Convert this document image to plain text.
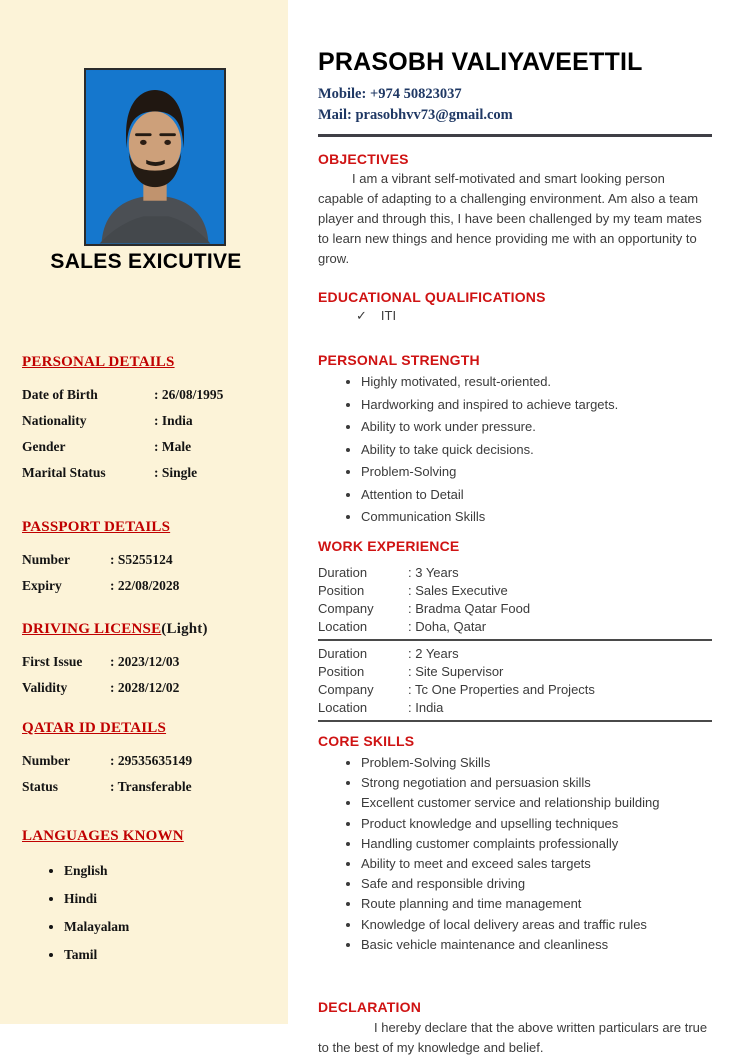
SALES EXICUTIVE
PERSONAL DETAILS
Date of Birth	: 26/08/1995
Nationality	: India
Gender	: Male
Marital Status	: Single
PASSPORT DETAILS
Number	: S5255124
Expiry	: 22/08/2028
DRIVING LICENSE(Light)
First Issue	: 2023/12/03
Validity	: 2028/12/02
QATAR ID DETAILS
Number	: 29535635149
Status	: Transferable
LANGUAGES KNOWN
• English
• Hindi
• Malayalam
• Tamil
PRASOBH VALIYAVEETTIL
Mobile: +974 50823037
Mail: prasobhvv73@gmail.com
OBJECTIVES

I am a vibrant self-motivated and smart looking person capable of adapting to a challenging environment. Am also a team player and through this, I have been challenged by my team mates to learn new things and hence providing me with an opportunity to grow.

EDUCATIONAL QUALIFICATIONS
✓ ITI
PERSONAL STRENGTH
• Highly motivated, result-oriented.
• Hardworking and inspired to achieve targets.
• Ability to work under pressure.
• Ability to take quick decisions.
• Problem-Solving
• Attention to Detail
• Communication Skills
WORK EXPERIENCE
Duration	: 3 Years
Position	: Sales Executive
Company	: Bradma Qatar Food
Location	: Doha, Qatar
Duration	: 2 Years
Position	: Site Supervisor
Company	: Tc One Properties and Projects
Location	: India
CORE SKILLS
• Problem-Solving Skills
• Strong negotiation and persuasion skills
• Excellent customer service and relationship building
• Product knowledge and upselling techniques
• Handling customer complaints professionally
• Ability to meet and exceed sales targets
• Safe and responsible driving
• Route planning and time management
• Knowledge of local delivery areas and traffic rules
• Basic vehicle maintenance and cleanliness
DECLARATION

I hereby declare that the above written particulars are true to the best of my knowledge and belief.
